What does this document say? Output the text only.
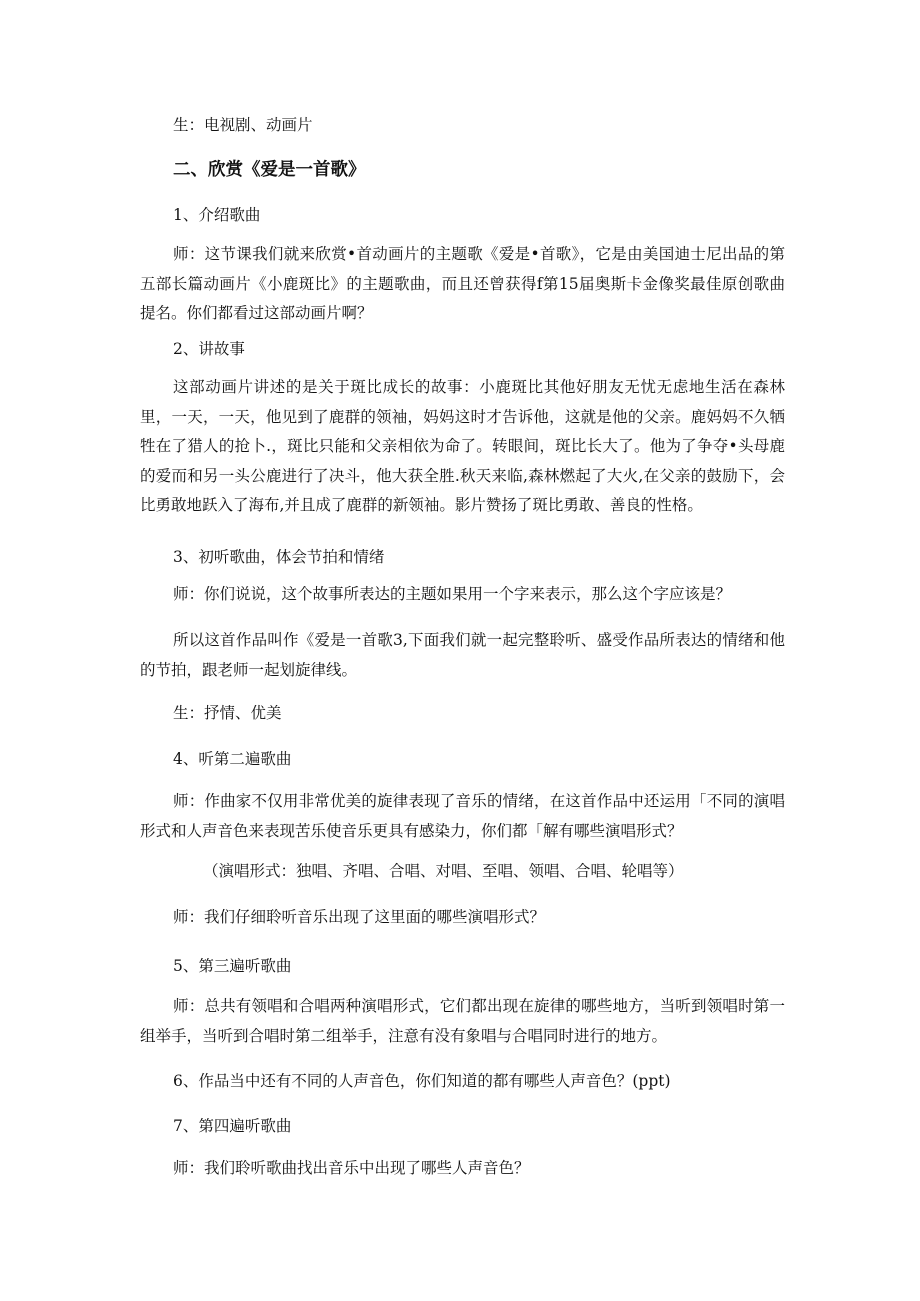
生：电视剧、动画片
二、欣赏《爱是一首歌》
1、介绍歌曲
师：这节课我们就来欣赏•首动画片的主题歌《爱是•首歌》，它是由美国迪士尼出品的第五部长篇动画片《小鹿斑比》的主题歌曲，而且还曾获得f第15届奥斯卡金像奖最佳原创歌曲提名。你们都看过这部动画片啊？
2、讲故事
这部动画片讲述的是关于斑比成长的故事：小鹿斑比其他好朋友无忧无虑地生活在森林里，一天，一天，他见到了鹿群的领袖，妈妈这时才告诉他，这就是他的父亲。鹿妈妈不久牺牲在了猎人的抢卜.，斑比只能和父亲相依为命了。转眼间，斑比长大了。他为了争夺•头母鹿的爱而和另一头公鹿进行了决斗，他大获全胜.秋天来临,森林燃起了大火,在父亲的鼓励下，会比勇敢地跃入了海布,并且成了鹿群的新领袖。影片赞扬了斑比勇敢、善良的性格。
3、初听歌曲，体会节拍和情绪
师：你们说说，这个故事所表达的主题如果用一个字来表示，那么这个字应该是？
所以这首作品叫作《爱是一首歌3,下面我们就一起完整聆听、盛受作品所表达的情绪和他的节拍，跟老师一起划旋律线。
生：抒情、优美
4、听第二遍歌曲
师：作曲家不仅用非常优美的旋律表现了音乐的情绪，在这首作品中还运用「不同的演唱形式和人声音色来表现苦乐使音乐更具有感染力，你们都「解有哪些演唱形式？
（演唱形式：独唱、齐唱、合唱、对唱、至唱、领唱、合唱、轮唱等）
师：我们仔细聆听音乐出现了这里面的哪些演唱形式？
5、第三遍听歌曲
师：总共有领唱和合唱两种演唱形式，它们都出现在旋律的哪些地方，当听到领唱时第一组举手，当听到合唱时第二组举手，注意有没有象唱与合唱同时进行的地方。
6、作品当中还有不同的人声音色，你们知道的都有哪些人声音色？(ppt)
7、第四遍听歌曲
师：我们聆听歌曲找出音乐中出现了哪些人声音色？
